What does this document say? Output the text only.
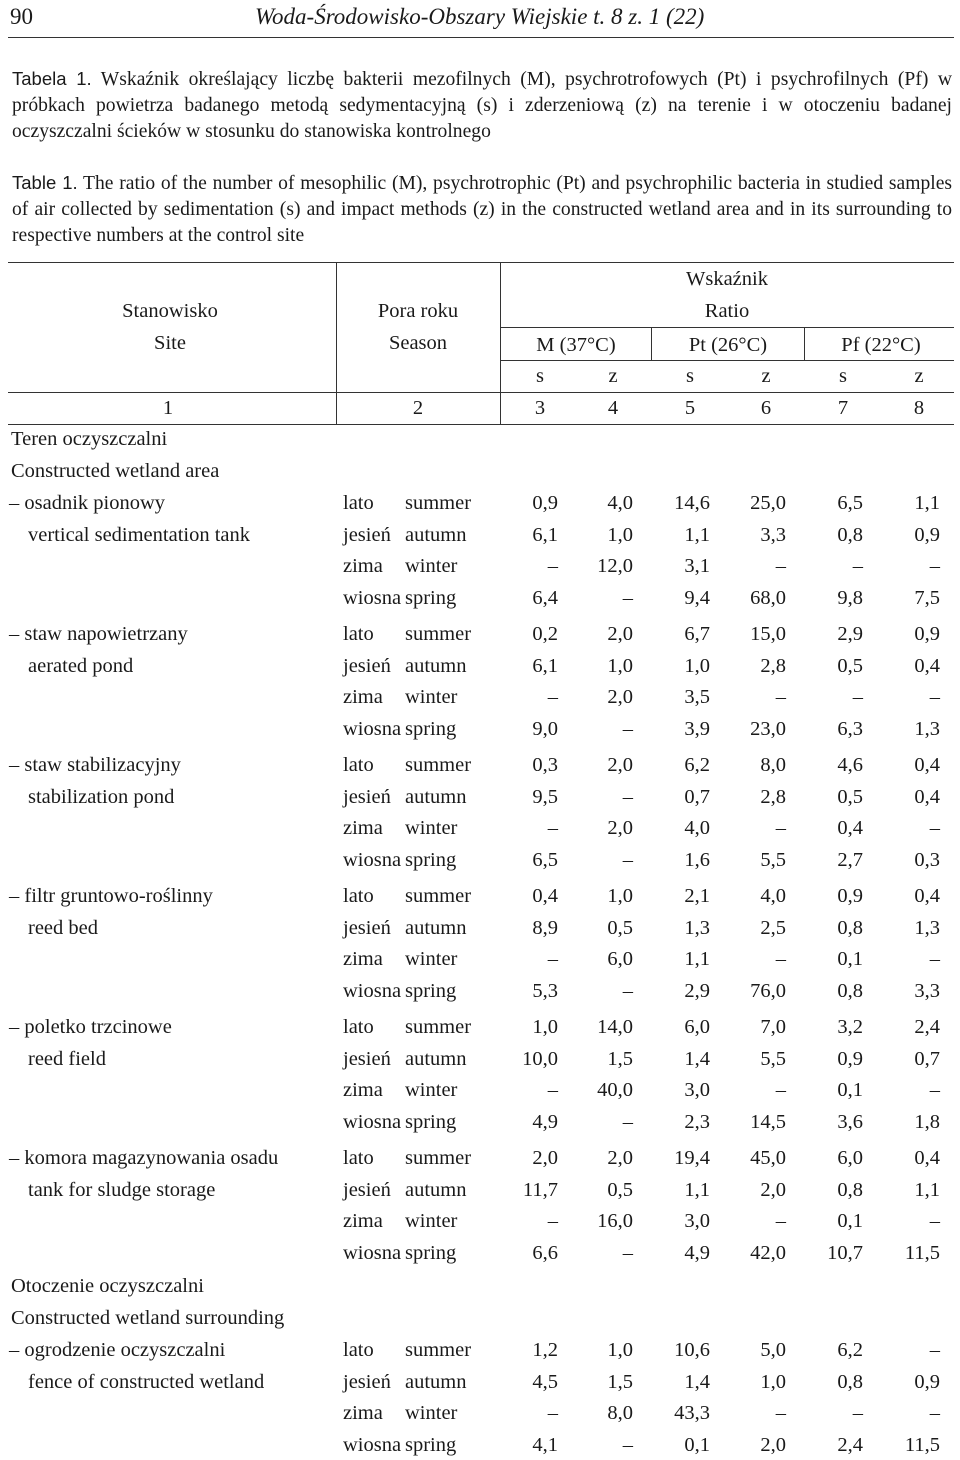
90	Woda-Środowisko-Obszary Wiejskie t. 8 z. 1 (22)
Tabela 1. Wskaźnik określający liczbę bakterii mezofilnych (M), psychrotrofowych (Pt) i psychrofilnych (Pf) w próbkach powietrza badanego metodą sedymentacyjną (s) i zderzeniową (z) na terenie i w otoczeniu badanej oczyszczalni ścieków w stosunku do stanowiska kontrolnego
Table 1. The ratio of the number of mesophilic (M), psychrotrophic (Pt) and psychrophilic bacteria in studied samples of air collected by sedimentation (s) and impact methods (z) in the constructed wetland area and in its surrounding to respective numbers at the control site
Stanowisko
Site
Pora roku
Season
Wskaźnik
Ratio
M (37°C)	Pt (26°C)	Pf (22°C)
s	z	s	z	s	z
1	2	3	4	5	6	7	8
Teren oczyszczalni
Constructed wetland area
– osadnik pionowy
vertical sedimentation tank
lato summer	0,9	4,0	14,6	25,0	6,5	1,1
jesień autumn	6,1	1,0	1,1	3,3	0,8	0,9
zima winter	–	12,0	3,1	–	–	–
wiosna spring	6,4	–	9,4	68,0	9,8	7,5
– staw napowietrzany
aerated pond
lato summer	0,2	2,0	6,7	15,0	2,9	0,9
jesień autumn	6,1	1,0	1,0	2,8	0,5	0,4
zima winter	–	2,0	3,5	–	–	–
wiosna spring	9,0	–	3,9	23,0	6,3	1,3
– staw stabilizacyjny
stabilization pond
lato summer	0,3	2,0	6,2	8,0	4,6	0,4
jesień autumn	9,5	–	0,7	2,8	0,5	0,4
zima winter	–	2,0	4,0	–	0,4	–
wiosna spring	6,5	–	1,6	5,5	2,7	0,3
– filtr gruntowo-roślinny
reed bed
lato summer	0,4	1,0	2,1	4,0	0,9	0,4
jesień autumn	8,9	0,5	1,3	2,5	0,8	1,3
zima winter	–	6,0	1,1	–	0,1	–
wiosna spring	5,3	–	2,9	76,0	0,8	3,3
– poletko trzcinowe
reed field
lato summer	1,0	14,0	6,0	7,0	3,2	2,4
jesień autumn	10,0	1,5	1,4	5,5	0,9	0,7
zima winter	–	40,0	3,0	–	0,1	–
wiosna spring	4,9	–	2,3	14,5	3,6	1,8
– komora magazynowania osadu
tank for sludge storage
lato summer	2,0	2,0	19,4	45,0	6,0	0,4
jesień autumn	11,7	0,5	1,1	2,0	0,8	1,1
zima winter	–	16,0	3,0	–	0,1	–
wiosna spring	6,6	–	4,9	42,0	10,7	11,5
Otoczenie oczyszczalni
Constructed wetland surrounding
– ogrodzenie oczyszczalni
fence of constructed wetland
lato summer	1,2	1,0	10,6	5,0	6,2	–
jesień autumn	4,5	1,5	1,4	1,0	0,8	0,9
zima winter	–	8,0	43,3	–	–	–
wiosna spring	4,1	–	0,1	2,0	2,4	11,5
